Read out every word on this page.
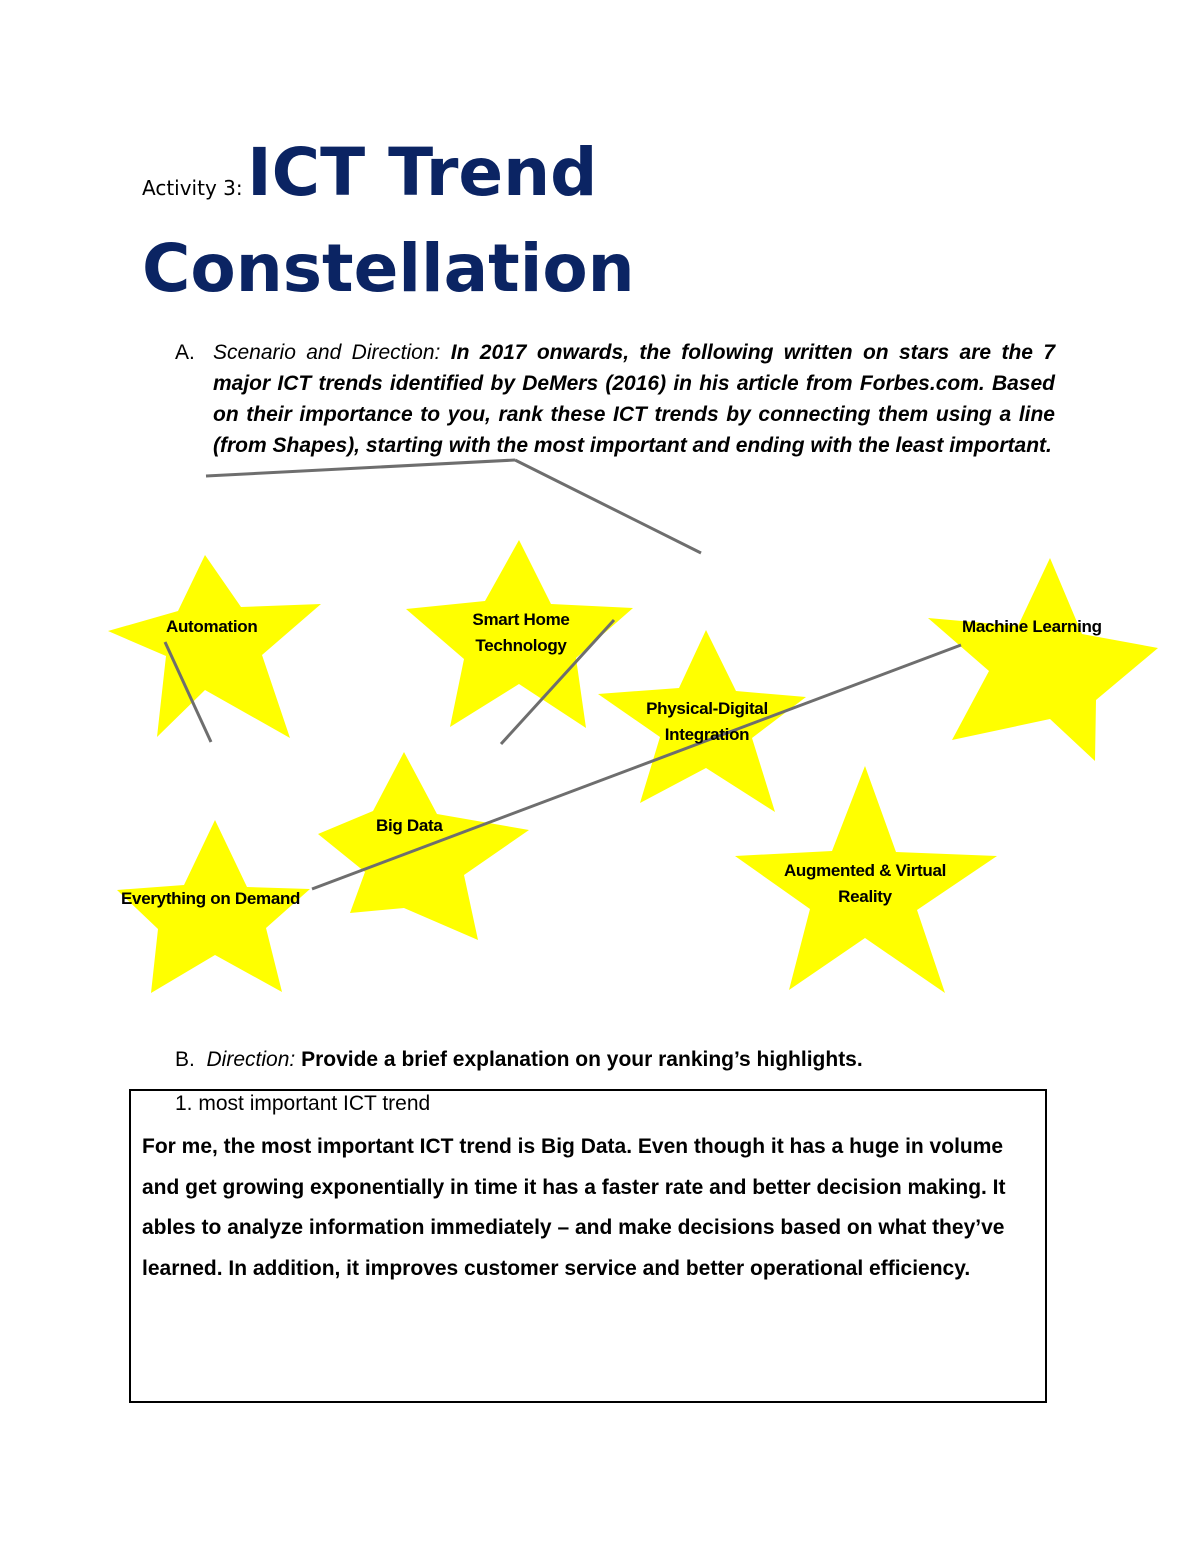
Activity 3: ICT Trend
Constellation
A. Scenario and Direction: In 2017 onwards, the following written on stars are the 7 major ICT trends identified by DeMers (2016) in his article from Forbes.com. Based on their importance to you, rank these ICT trends by connecting them using a line (from Shapes), starting with the most important and ending with the least important.
Automation	Smart Home
Technology
Physical-Digital
Integration
Machine Learning
Big Data
Everything on Demand
Augmented & Virtual
Reality
B. Direction: Provide a brief explanation on your ranking’s highlights.
1. most important ICT trend
For me, the most important ICT trend is Big Data. Even though it has a huge in volume and get growing exponentially in time it has a faster rate and better decision making. It ables to analyze information immediately – and make decisions based on what they’ve learned. In addition, it improves customer service and better operational efficiency.
